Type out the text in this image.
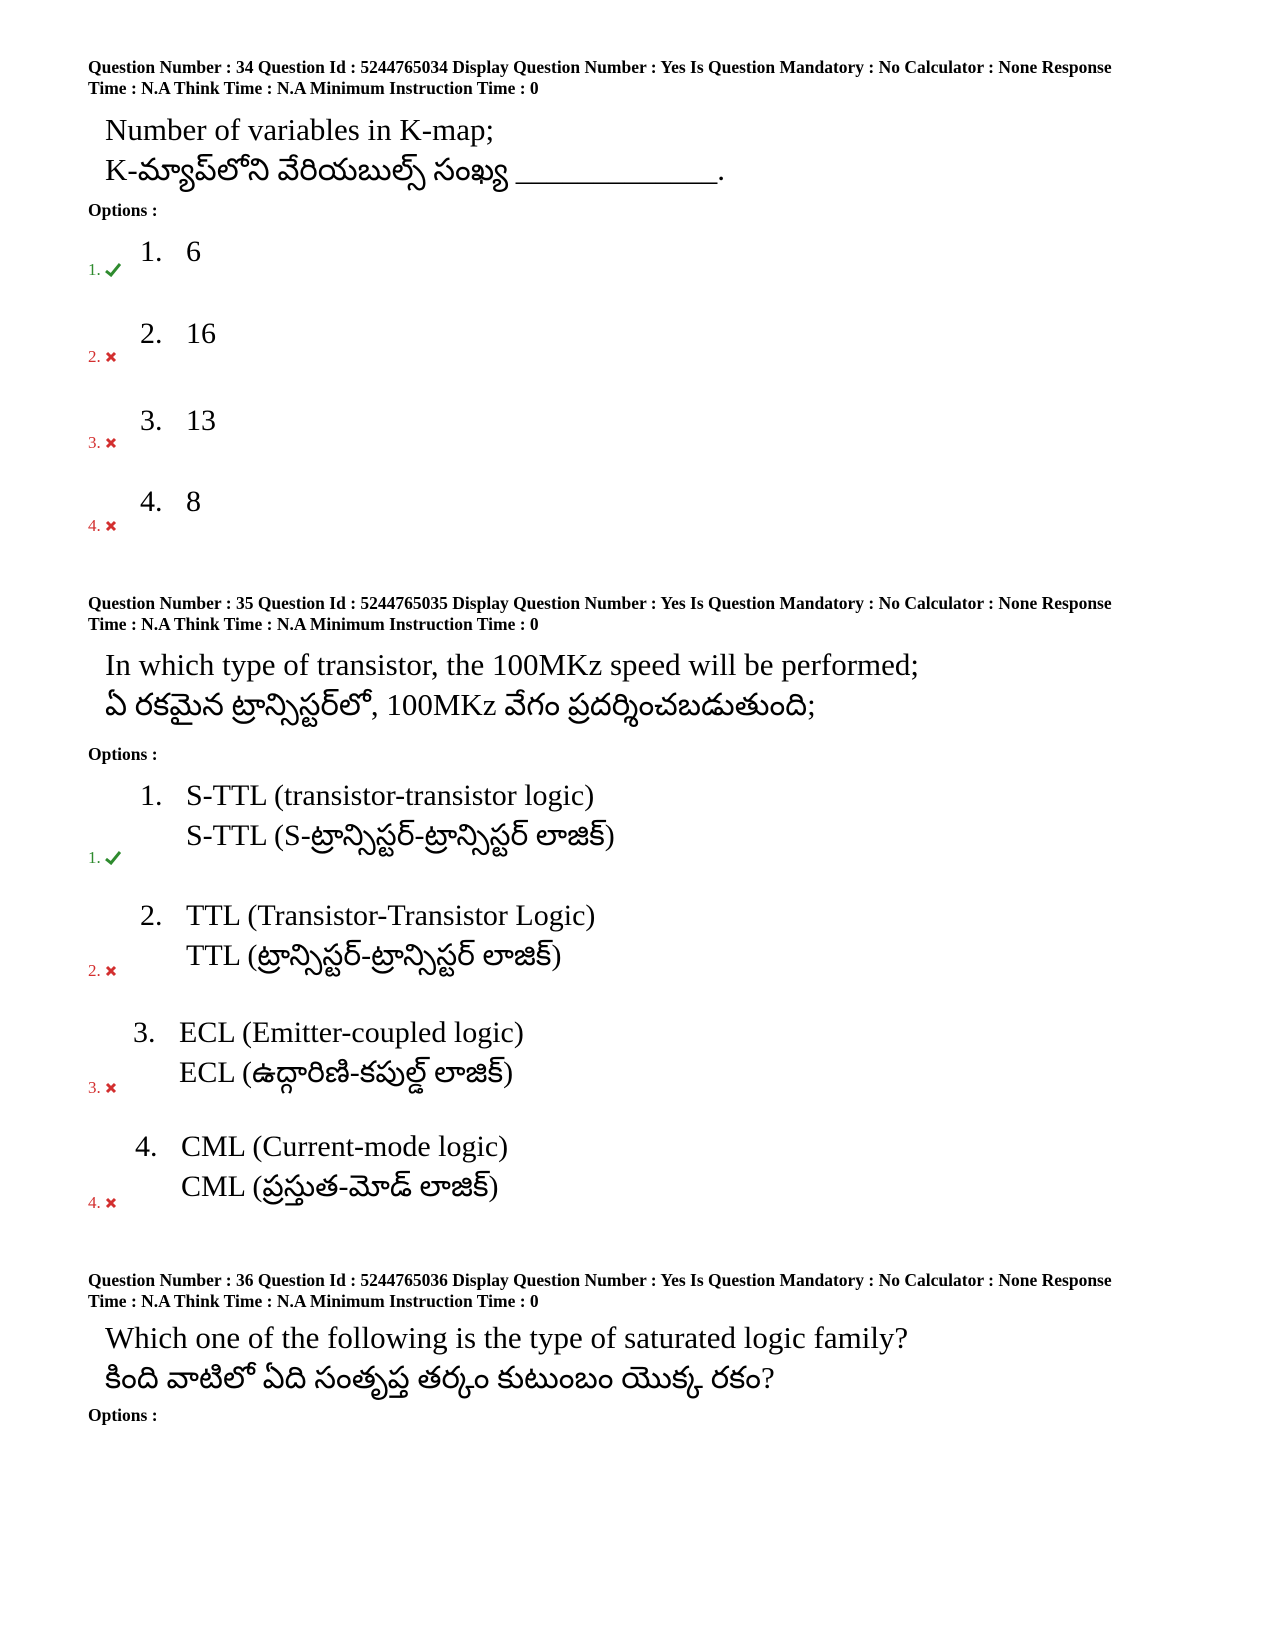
Question Number : 34 Question Id : 5244765034 Display Question Number : Yes Is Question Mandatory : No Calculator : None Response
Time : N.A Think Time : N.A Minimum Instruction Time : 0
Number of variables in K-map;
K-మ్యాప్‌లోని వేరియబుల్స్ సంఖ్య _____________.
Options :
1.
1. 6
2.
2. 16
3.
3. 13
4.
4. 8
Question Number : 35 Question Id : 5244765035 Display Question Number : Yes Is Question Mandatory : No Calculator : None Response
Time : N.A Think Time : N.A Minimum Instruction Time : 0
In which type of transistor, the 100MKz speed will be performed;
ఏ రకమైన ట్రాన్సిస్టర్‌లో, 100MKz వేగం ప్రదర్శించబడుతుంది;
Options :
1.
1. S-TTL (transistor-transistor logic)
S-TTL (S-ట్రాన్సిస్టర్-ట్రాన్సిస్టర్ లాజిక్)
2.
2. TTL (Transistor-Transistor Logic)
TTL (ట్రాన్సిస్టర్-ట్రాన్సిస్టర్ లాజిక్)
3.
3. ECL (Emitter-coupled logic)
ECL (ఉద్గారిణి-కపుల్డ్ లాజిక్)
4.
4. CML (Current-mode logic)
CML (ప్రస్తుత-మోడ్ లాజిక్)
Question Number : 36 Question Id : 5244765036 Display Question Number : Yes Is Question Mandatory : No Calculator : None Response
Time : N.A Think Time : N.A Minimum Instruction Time : 0
Which one of the following is the type of saturated logic family?
కింది వాటిలో ఏది సంతృప్త తర్కం కుటుంబం యొక్క రకం?
Options :
